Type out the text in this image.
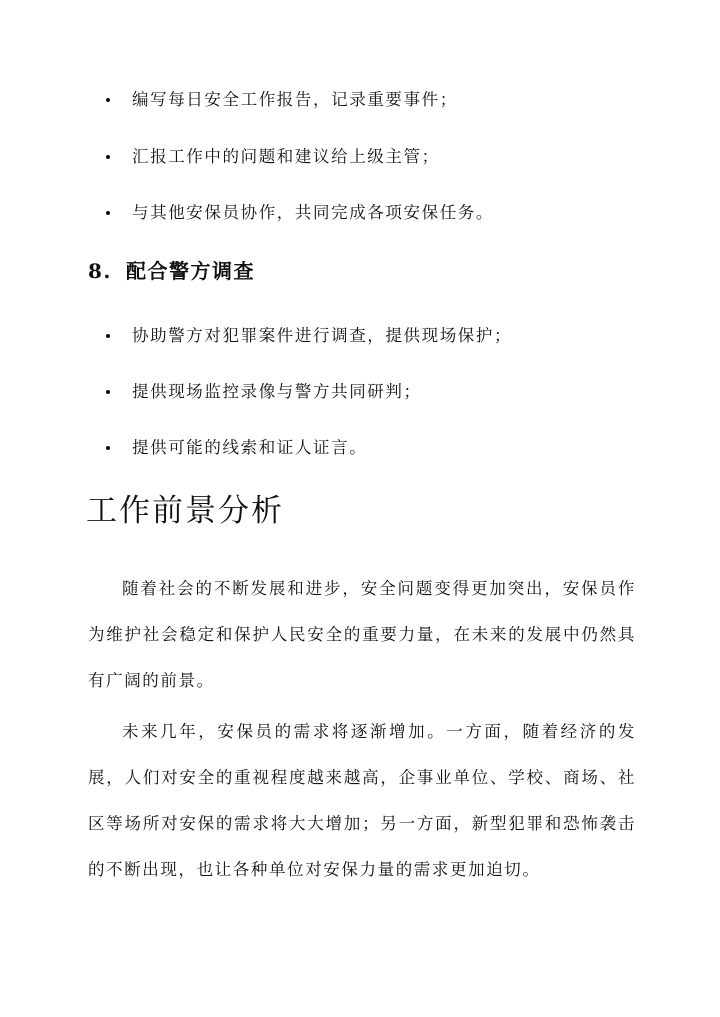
编写每日安全工作报告，记录重要事件；
汇报工作中的问题和建议给上级主管；
与其他安保员协作，共同完成各项安保任务。
8. 配合警方调查
协助警方对犯罪案件进行调查，提供现场保护；
提供现场监控录像与警方共同研判；
提供可能的线索和证人证言。
工作前景分析

随着社会的不断发展和进步，安全问题变得更加突出，安保员作为维护社会稳定和保护人民安全的重要力量，在未来的发展中仍然具有广阔的前景。

未来几年，安保员的需求将逐渐增加。一方面，随着经济的发展，人们对安全的重视程度越来越高，企事业单位、学校、商场、社区等场所对安保的需求将大大增加；另一方面，新型犯罪和恐怖袭击的不断出现，也让各种单位对安保力量的需求更加迫切。
